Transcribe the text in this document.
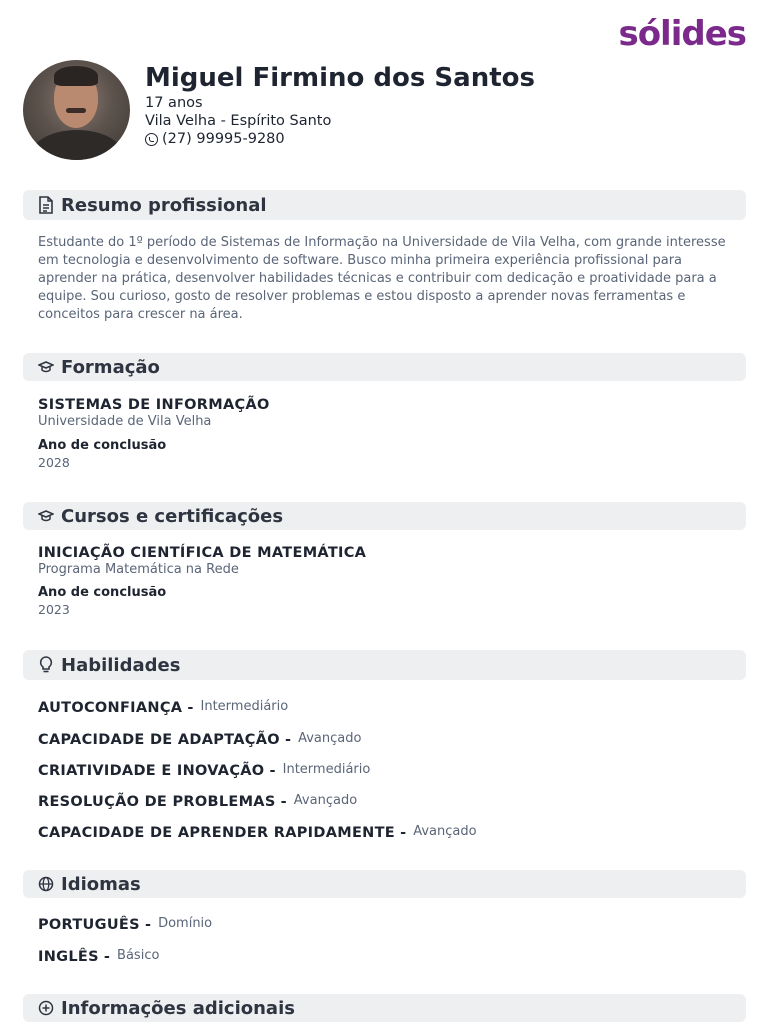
sólides
Miguel Firmino dos Santos
17 anos
Vila Velha - Espírito Santo
(27) 99995-9280
Resumo profissional

Estudante do 1º período de Sistemas de Informação na Universidade de Vila Velha, com grande interesse em tecnologia e desenvolvimento de software. Busco minha primeira experiência profissional para aprender na prática, desenvolver habilidades técnicas e contribuir com dedicação e proatividade para a equipe. Sou curioso, gosto de resolver problemas e estou disposto a aprender novas ferramentas e conceitos para crescer na área.

Formação
SISTEMAS DE INFORMAÇÃO
Universidade de Vila Velha
Ano de conclusão
2028
Cursos e certificações
INICIAÇÃO CIENTÍFICA DE MATEMÁTICA
Programa Matemática na Rede
Ano de conclusão
2023
Habilidades
AUTOCONFIANÇA - Intermediário
CAPACIDADE DE ADAPTAÇÃO - Avançado
CRIATIVIDADE E INOVAÇÃO - Intermediário
RESOLUÇÃO DE PROBLEMAS - Avançado
CAPACIDADE DE APRENDER RAPIDAMENTE - Avançado
Idiomas
PORTUGUÊS - Domínio
INGLÊS - Básico
Informações adicionais
